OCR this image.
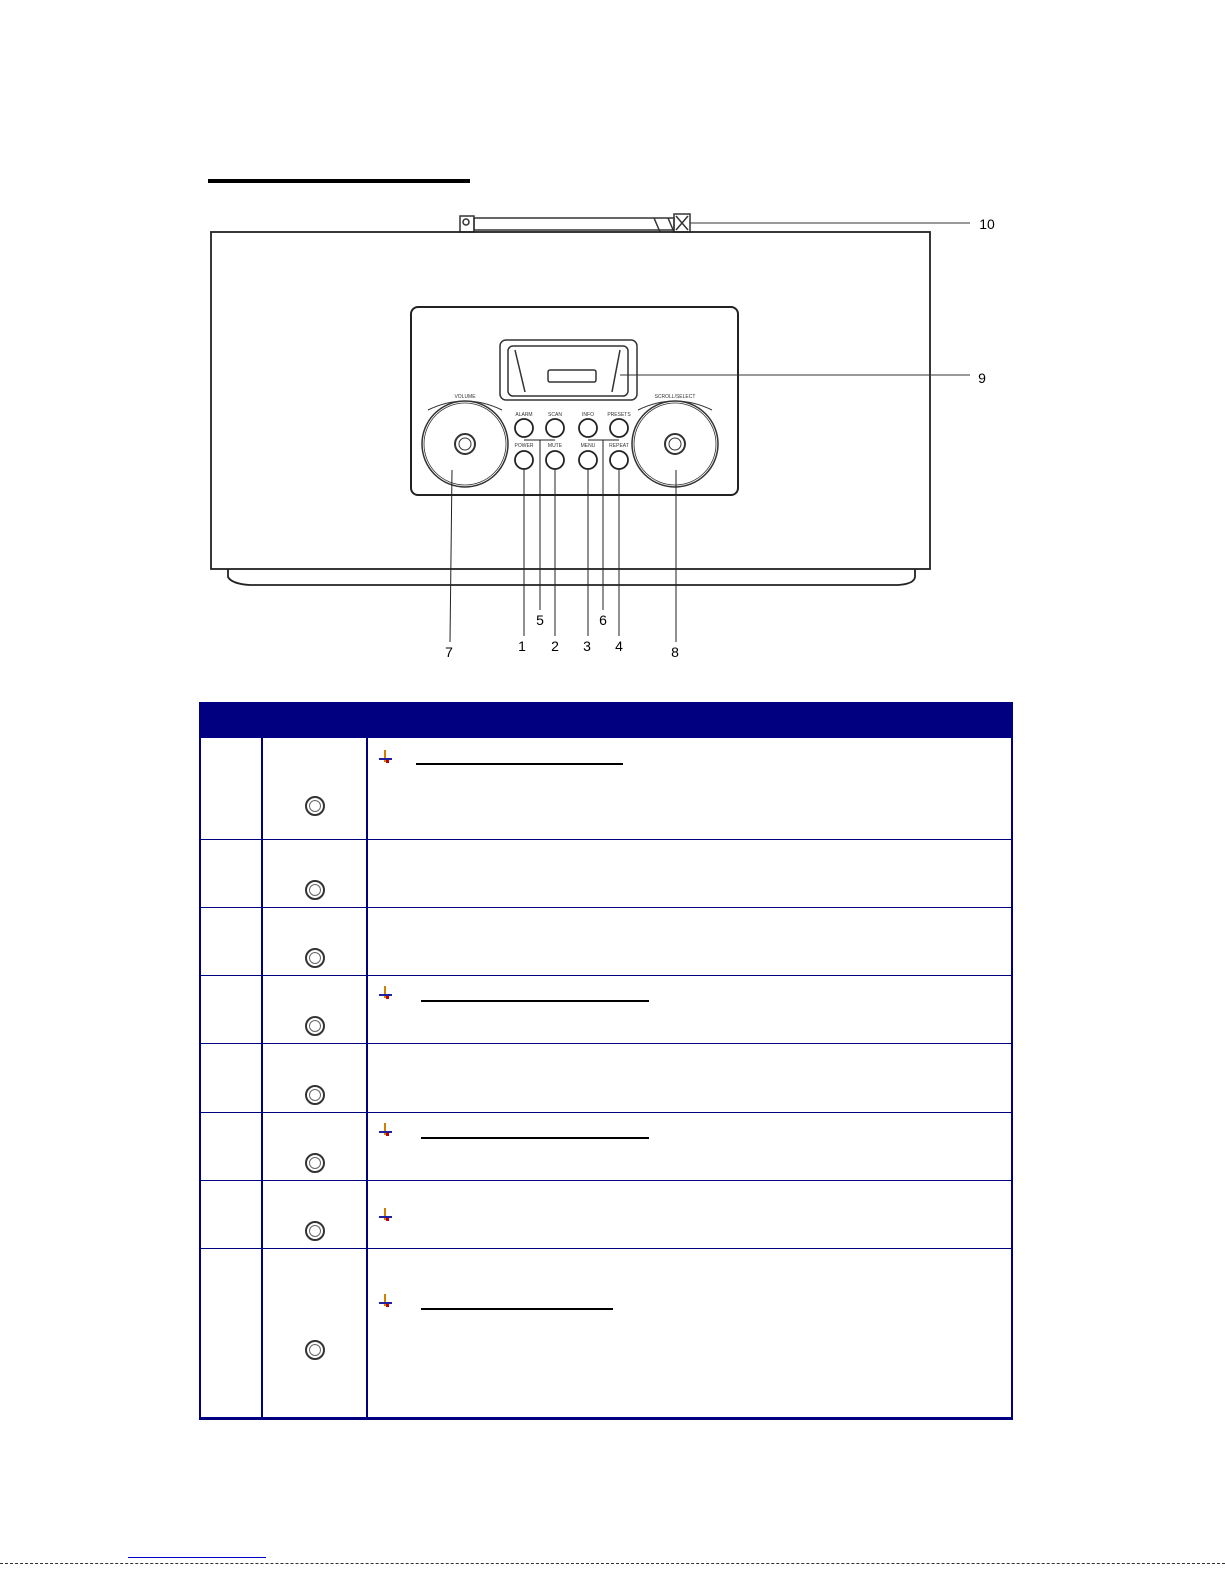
VOLUME	SCROLL/SELECT
ALARM	SCAN	INFO	PRESETS
POWER	MUTE	MENU	REPEAT
1	2	3	4
5	6
7	8
9
10
